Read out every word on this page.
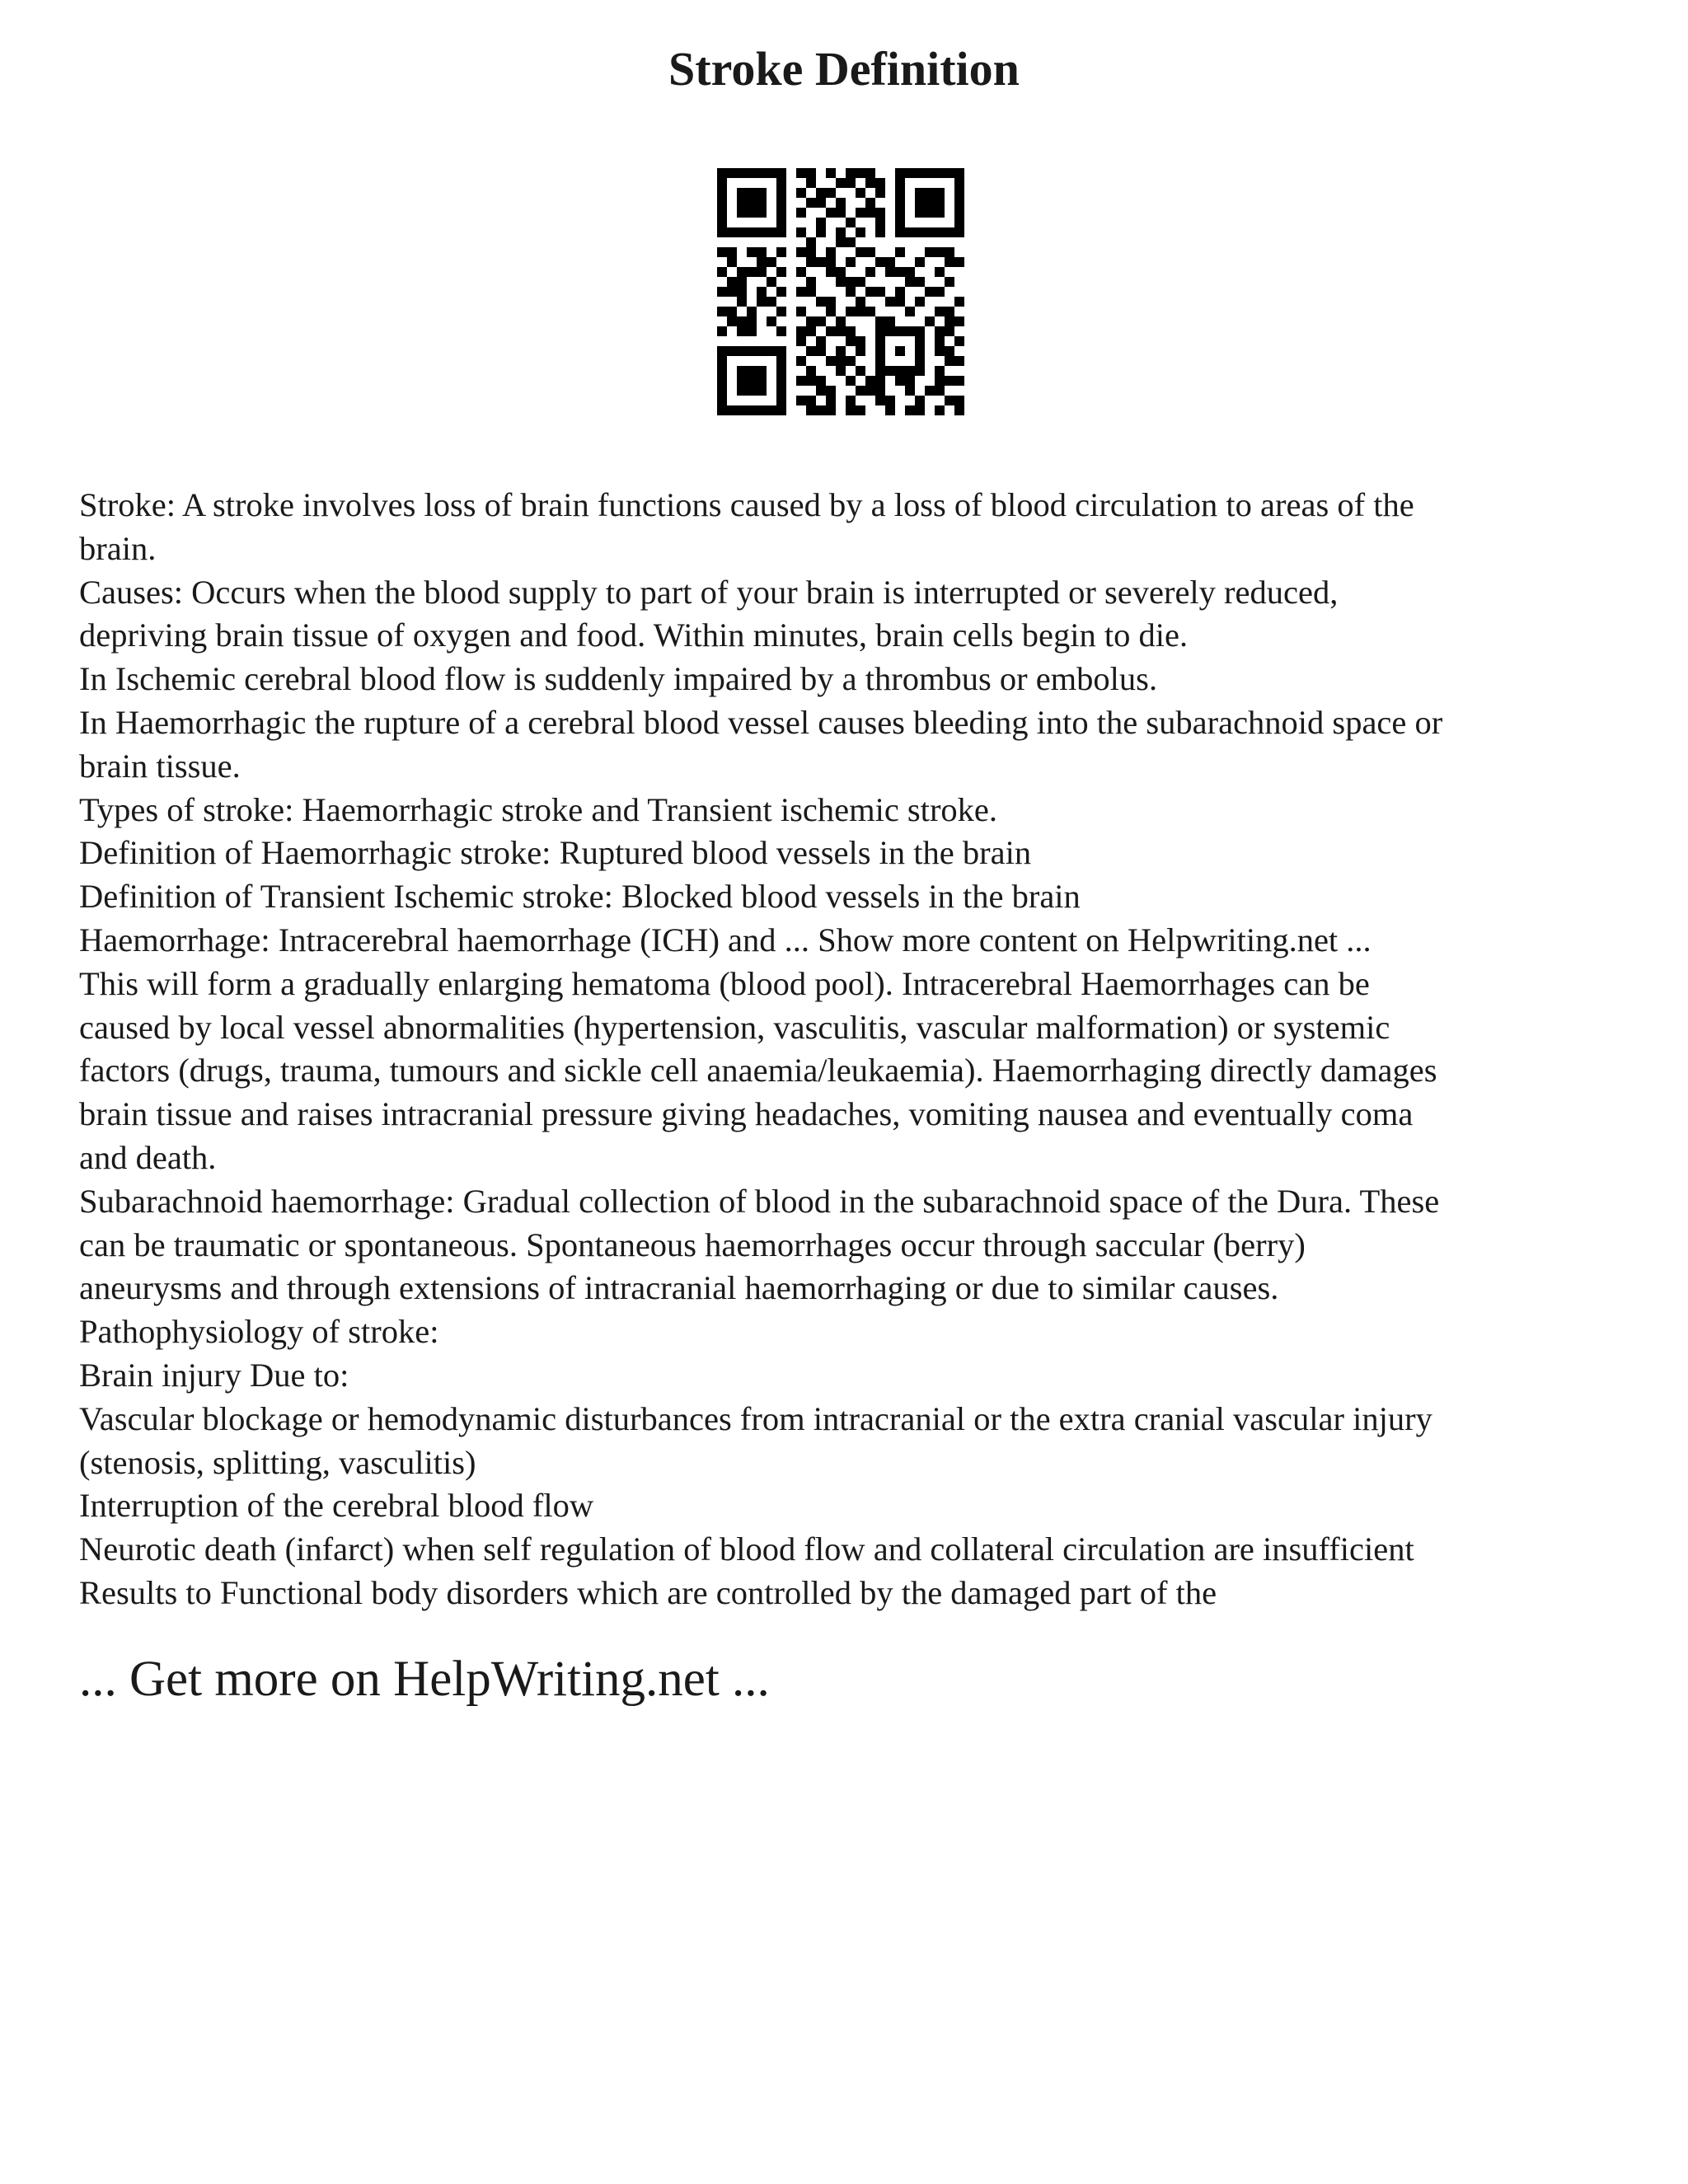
Stroke Definition
Stroke: A stroke involves loss of brain functions caused by a loss of blood circulation to areas of the
brain.
Causes: Occurs when the blood supply to part of your brain is interrupted or severely reduced,
depriving brain tissue of oxygen and food. Within minutes, brain cells begin to die.
In Ischemic cerebral blood flow is suddenly impaired by a thrombus or embolus.
In Haemorrhagic the rupture of a cerebral blood vessel causes bleeding into the subarachnoid space or
brain tissue.
Types of stroke: Haemorrhagic stroke and Transient ischemic stroke.
Definition of Haemorrhagic stroke: Ruptured blood vessels in the brain
Definition of Transient Ischemic stroke: Blocked blood vessels in the brain
Haemorrhage: Intracerebral haemorrhage (ICH) and ... Show more content on Helpwriting.net ...
This will form a gradually enlarging hematoma (blood pool). Intracerebral Haemorrhages can be
caused by local vessel abnormalities (hypertension, vasculitis, vascular malformation) or systemic
factors (drugs, trauma, tumours and sickle cell anaemia/leukaemia). Haemorrhaging directly damages
brain tissue and raises intracranial pressure giving headaches, vomiting nausea and eventually coma
and death.
Subarachnoid haemorrhage: Gradual collection of blood in the subarachnoid space of the Dura. These
can be traumatic or spontaneous. Spontaneous haemorrhages occur through saccular (berry)
aneurysms and through extensions of intracranial haemorrhaging or due to similar causes.
Pathophysiology of stroke:
Brain injury Due to:
Vascular blockage or hemodynamic disturbances from intracranial or the extra cranial vascular injury
(stenosis, splitting, vasculitis)
Interruption of the cerebral blood flow
Neurotic death (infarct) when self regulation of blood flow and collateral circulation are insufficient
Results to Functional body disorders which are controlled by the damaged part of the
... Get more on HelpWriting.net ...
